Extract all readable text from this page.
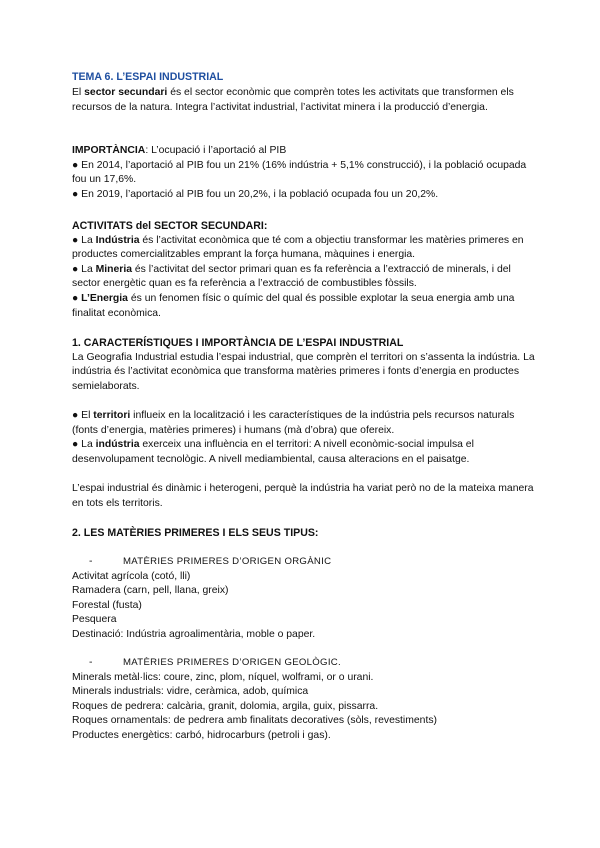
TEMA 6. L’ESPAI INDUSTRIAL

El sector secundari és el sector econòmic que comprèn totes les activitats que transformen els recursos de la natura. Integra l’activitat industrial, l’activitat minera i la producció d’energia.

IMPORTÀNCIA: L’ocupació i l’aportació al PIB

● En 2014, l’aportació al PIB fou un 21% (16% indústria + 5,1% construcció), i la població ocupada fou un 17,6%.

● En 2019, l’aportació al PIB fou un 20,2%, i la població ocupada fou un 20,2%.

ACTIVITATS del SECTOR SECUNDARI:

● La Indústria és l’activitat econòmica que té com a objectiu transformar les matèries primeres en productes comercialitzables emprant la força humana, màquines i energia.

● La Mineria és l’activitat del sector primari quan es fa referència a l’extracció de minerals, i del sector energètic quan es fa referència a l’extracció de combustibles fòssils.

● L’Energia és un fenomen físic o químic del qual és possible explotar la seua energia amb una finalitat econòmica.

1. CARACTERÍSTIQUES I IMPORTÀNCIA DE L’ESPAI INDUSTRIAL

La Geografia Industrial estudia l’espai industrial, que comprèn el territori on s’assenta la indústria. La indústria és l’activitat econòmica que transforma matèries primeres i fonts d’energia en productes semielaborats.

● El territori influeix en la localització i les característiques de la indústria pels recursos naturals (fonts d’energia, matèries primeres) i humans (mà d’obra) que ofereix.

● La indústria exerceix una influència en el territori: A nivell econòmic-social impulsa el desenvolupament tecnològic. A nivell mediambiental, causa alteracions en el paisatge.

L’espai industrial és dinàmic i heterogeni, perquè la indústria ha variat però no de la mateixa manera en tots els territoris.

2. LES MATÈRIES PRIMERES I ELS SEUS TIPUS:

-	MATÈRIES PRIMERES D’ORIGEN ORGÀNIC

Activitat agrícola (cotó, lli)

Ramadera (carn, pell, llana, greix)

Forestal (fusta)

Pesquera

Destinació: Indústria agroalimentària, moble o paper.

-	MATÈRIES PRIMERES D’ORIGEN GEOLÒGIC.

Minerals metàl·lics: coure, zinc, plom, níquel, wolframi, or o urani.

Minerals industrials: vidre, ceràmica, adob, química

Roques de pedrera: calcària, granit, dolomia, argila, guix, pissarra.

Roques ornamentals: de pedrera amb finalitats decoratives (sòls, revestiments)

Productes energètics: carbó, hidrocarburs (petroli i gas).
